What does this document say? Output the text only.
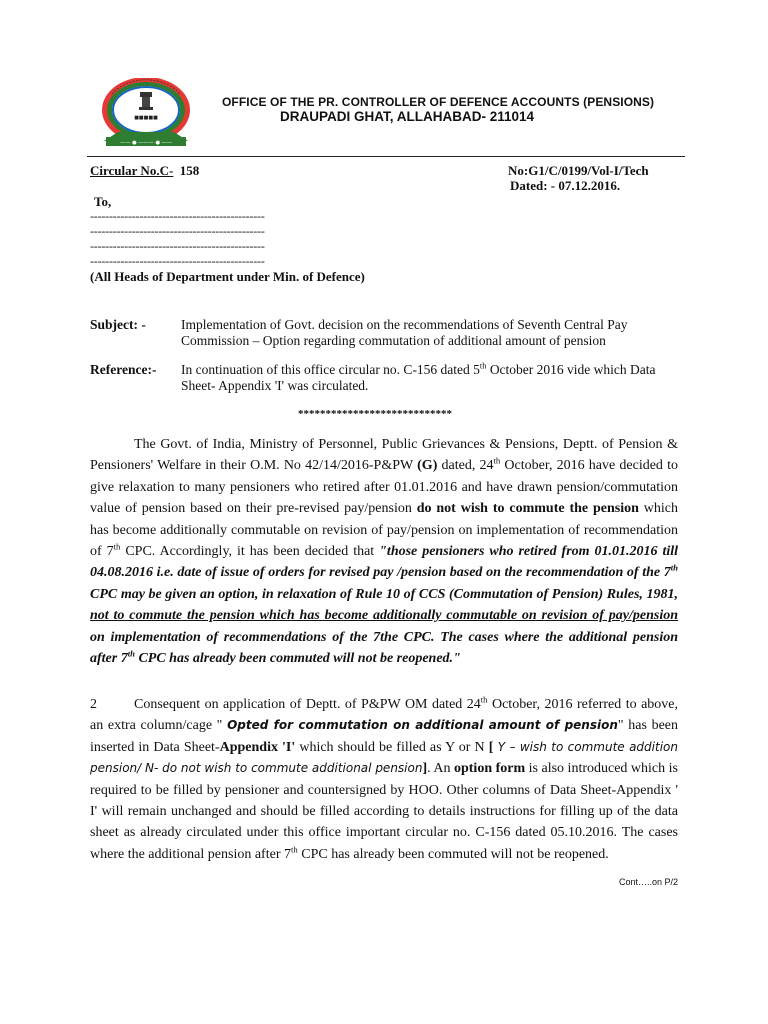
■■■■■
—— ● ——— ● ——
OFFICE OF THE PR. CONTROLLER OF DEFENCE ACCOUNTS (PENSIONS)
DRAUPADI GHAT, ALLAHABAD- 211014
Circular No.C- 158	No:G1/C/0199/Vol-I/Tech
Dated: - 07.12.2016.
To,
----------------------------------------------
----------------------------------------------
----------------------------------------------
----------------------------------------------
(All Heads of Department under Min. of Defence)
Subject: -	Implementation of Govt. decision on the recommendations of Seventh Central Pay Commission – Option regarding commutation of additional amount of pension
Reference:- In continuation of this office circular no. C-156 dated 5th October 2016 vide which Data Sheet- Appendix 'I' was circulated.
****************************

The Govt. of India, Ministry of Personnel, Public Grievances & Pensions, Deptt. of Pension & Pensioners' Welfare in their O.M. No 42/14/2016-P&PW (G) dated, 24th October, 2016 have decided to give relaxation to many pensioners who retired after 01.01.2016 and have drawn pension/commutation value of pension based on their pre-revised pay/pension do not wish to commute the pension which has become additionally commutable on revision of pay/pension on implementation of recommendation of 7th CPC. Accordingly, it has been decided that "those pensioners who retired from 01.01.2016 till 04.08.2016 i.e. date of issue of orders for revised pay /pension based on the recommendation of the 7th CPC may be given an option, in relaxation of Rule 10 of CCS (Commutation of Pension) Rules, 1981, not to commute the pension which has become additionally commutable on revision of pay/pension on implementation of recommendations of the 7the CPC. The cases where the additional pension after 7th CPC has already been commuted will not be reopened."

2	Consequent on application of Deptt. of P&PW OM dated 24th October, 2016 referred to above, an extra column/cage " Opted for commutation on additional amount of pension" has been inserted in Data Sheet-Appendix 'I' which should be filled as Y or N [ Y – wish to commute addition pension/ N- do not wish to commute additional pension]. An option form is also introduced which is required to be filled by pensioner and countersigned by HOO. Other columns of Data Sheet-Appendix ' I' will remain unchanged and should be filled according to details instructions for filling up of the data sheet as already circulated under this office important circular no. C-156 dated 05.10.2016. The cases where the additional pension after 7th CPC has already been commuted will not be reopened.

Cont…..on P/2
